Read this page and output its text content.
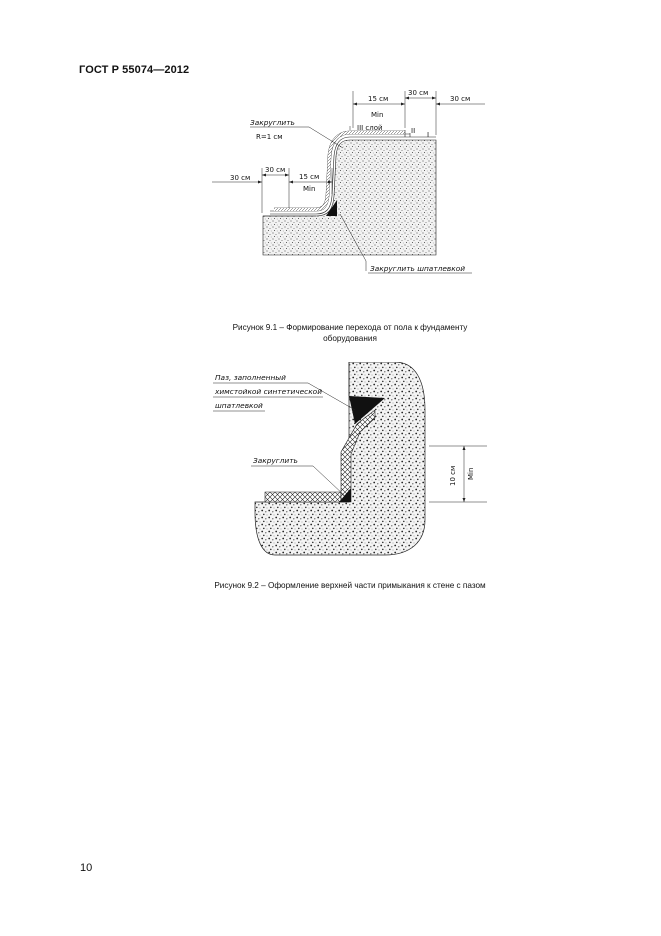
ГОСТ Р 55074—2012
15 см
Min
30 см
30 см
III слой	II I
Закруглить
R=1 см
30 см
30 см
15 см
Min
Закруглить шпатлевкой
Рисунок 9.1 – Формирование перехода от пола к фундаменту
оборудования
Паз, заполненный
химстойкой синтетической
шпатлевкой
Закруглить
10 см Min
Рисунок 9.2 – Оформление верхней части примыкания к стене с пазом
10
